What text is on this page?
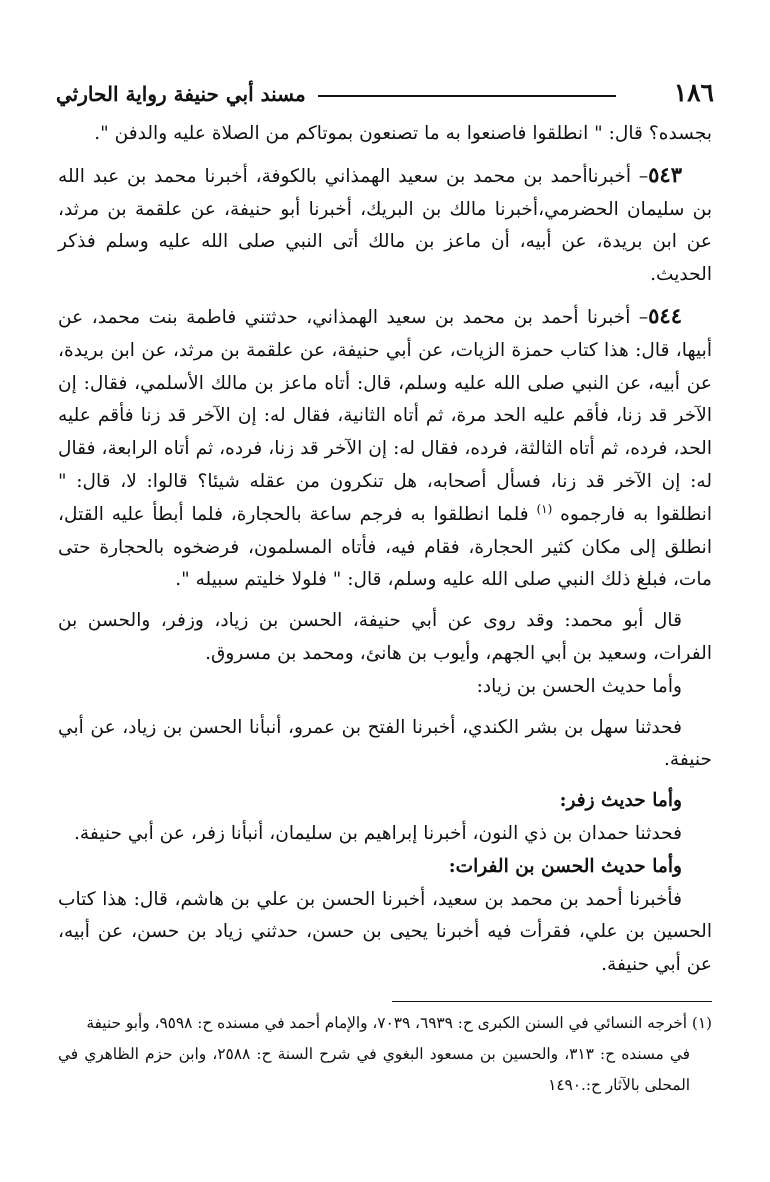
١٨٦
مسند أبي حنيفة رواية الحارثي

بجسده؟ قال: " انطلقوا فاصنعوا به ما تصنعون بموتاكم من الصلاة عليه والدفن ".

٥٤٣– أخبرناأحمد بن محمد بن سعيد الهمذاني بالكوفة، أخبرنا محمد بن عبد الله بن سليمان الحضرمي،أخبرنا مالك بن البريك، أخبرنا أبو حنيفة، عن علقمة بن مرثد، عن ابن بريدة، عن أبيه، أن ماعز بن مالك أتى النبي صلى الله عليه وسلم فذكر الحديث.

٥٤٤– أخبرنا أحمد بن محمد بن سعيد الهمذاني، حدثتني فاطمة بنت محمد، عن أبيها، قال: هذا كتاب حمزة الزيات، عن أبي حنيفة، عن علقمة بن مرثد، عن ابن بريدة، عن أبيه، عن النبي صلى الله عليه وسلم، قال: أتاه ماعز بن مالك الأسلمي، فقال: إن الآخر قد زنا، فأقم عليه الحد مرة، ثم أتاه الثانية، فقال له: إن الآخر قد زنا فأقم عليه الحد، فرده، ثم أتاه الثالثة، فرده، فقال له: إن الآخر قد زنا، فرده، ثم أتاه الرابعة، فقال له: إن الآخر قد زنا، فسأل أصحابه، هل تنكرون من عقله شيئا؟ قالوا: لا، قال: " انطلقوا به فارجموه $^{(١)}$ فلما انطلقوا به فرجم ساعة بالحجارة، فلما أبطأ عليه القتل، انطلق إلى مكان كثير الحجارة، فقام فيه، فأتاه المسلمون، فرضخوه بالحجارة حتى مات، فبلغ ذلك النبي صلى الله عليه وسلم، قال: " فلولا خليتم سبيله ".

قال أبو محمد: وقد روى عن أبي حنيفة، الحسن بن زياد، وزفر، والحسن بن الفرات، وسعيد بن أبي الجهم، وأيوب بن هانئ، ومحمد بن مسروق.

وأما حديث الحسن بن زياد:

فحدثنا سهل بن بشر الكندي، أخبرنا الفتح بن عمرو، أنبأنا الحسن بن زياد، عن أبي حنيفة.

وأما حديث زفر:

فحدثنا حمدان بن ذي النون، أخبرنا إبراهيم بن سليمان، أنبأنا زفر، عن أبي حنيفة.

وأما حديث الحسن بن الفرات:

فأخبرنا أحمد بن محمد بن سعيد، أخبرنا الحسن بن علي بن هاشم، قال: هذا كتاب الحسين بن علي، فقرأت فيه أخبرنا يحيى بن حسن، حدثني زياد بن حسن، عن أبيه، عن أبي حنيفة.

(١) أخرجه النسائي في السنن الكبرى ح: ٦٩٣٩، ٧٠٣٩، والإمام أحمد في مسنده ح: ٩٥٩٨، وأبو حنيفة

في مسنده ح: ٣١٣، والحسين بن مسعود البغوي في شرح السنة ح: ٢٥٨٨، وابن حزم الظاهري في المحلى بالآثار ح:.١٤٩٠
